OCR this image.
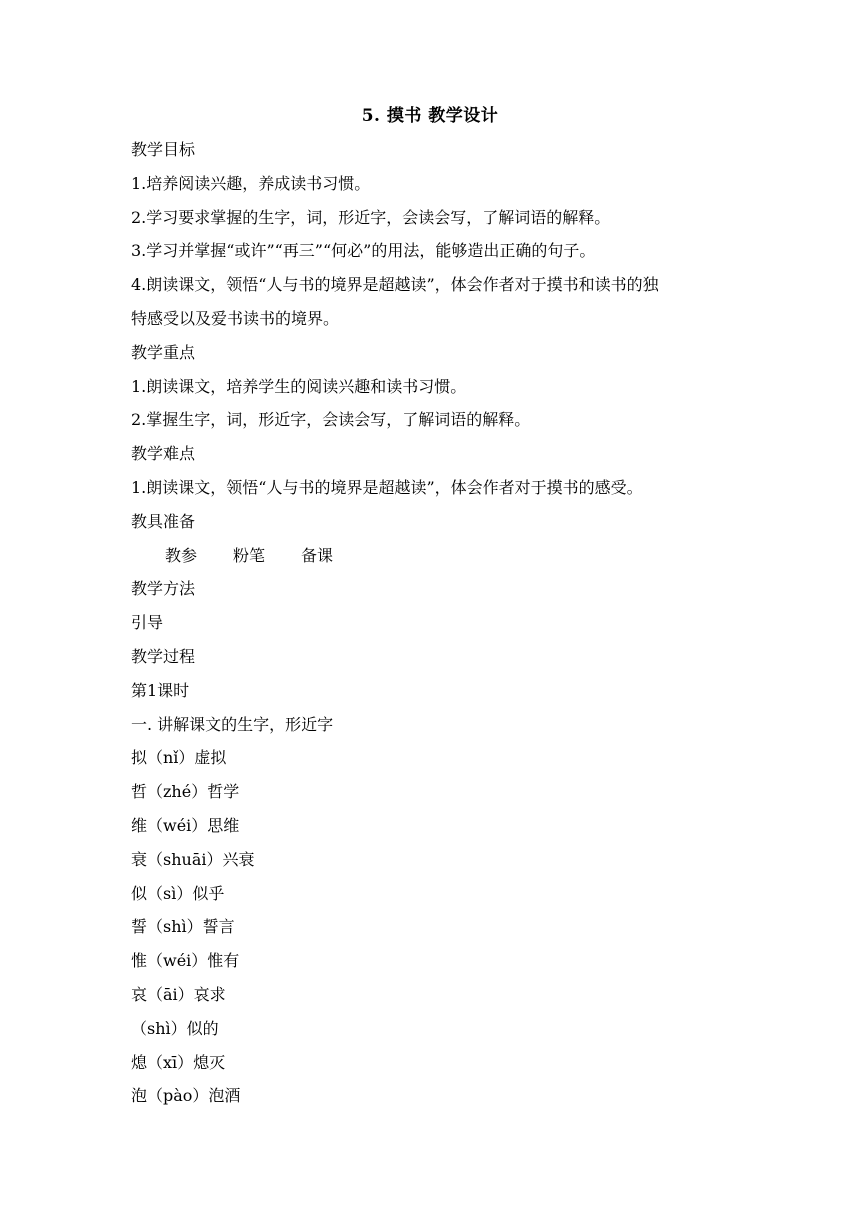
5. 摸书 教学设计
教学目标
1.培养阅读兴趣，养成读书习惯。
2.学习要求掌握的生字，词，形近字，会读会写，了解词语的解释。
3.学习并掌握“或许”“再三”“何必”的用法，能够造出正确的句子。
4.朗读课文，领悟“人与书的境界是超越读”，体会作者对于摸书和读书的独
特感受以及爱书读书的境界。
教学重点
1.朗读课文，培养学生的阅读兴趣和读书习惯。
2.掌握生字，词，形近字，会读会写，了解词语的解释。
教学难点
1.朗读课文，领悟“人与书的境界是超越读”，体会作者对于摸书的感受。
教具准备
教参 粉笔 备课
教学方法
引导
教学过程
第1课时
一. 讲解课文的生字，形近字
拟（nǐ）虚拟
哲（zhé）哲学
维（wéi）思维
衰（shuāi）兴衰
似（sì）似乎
誓（shì）誓言
惟（wéi）惟有
哀（āi）哀求
（shì）似的
熄（xī）熄灭
泡（pào）泡酒
